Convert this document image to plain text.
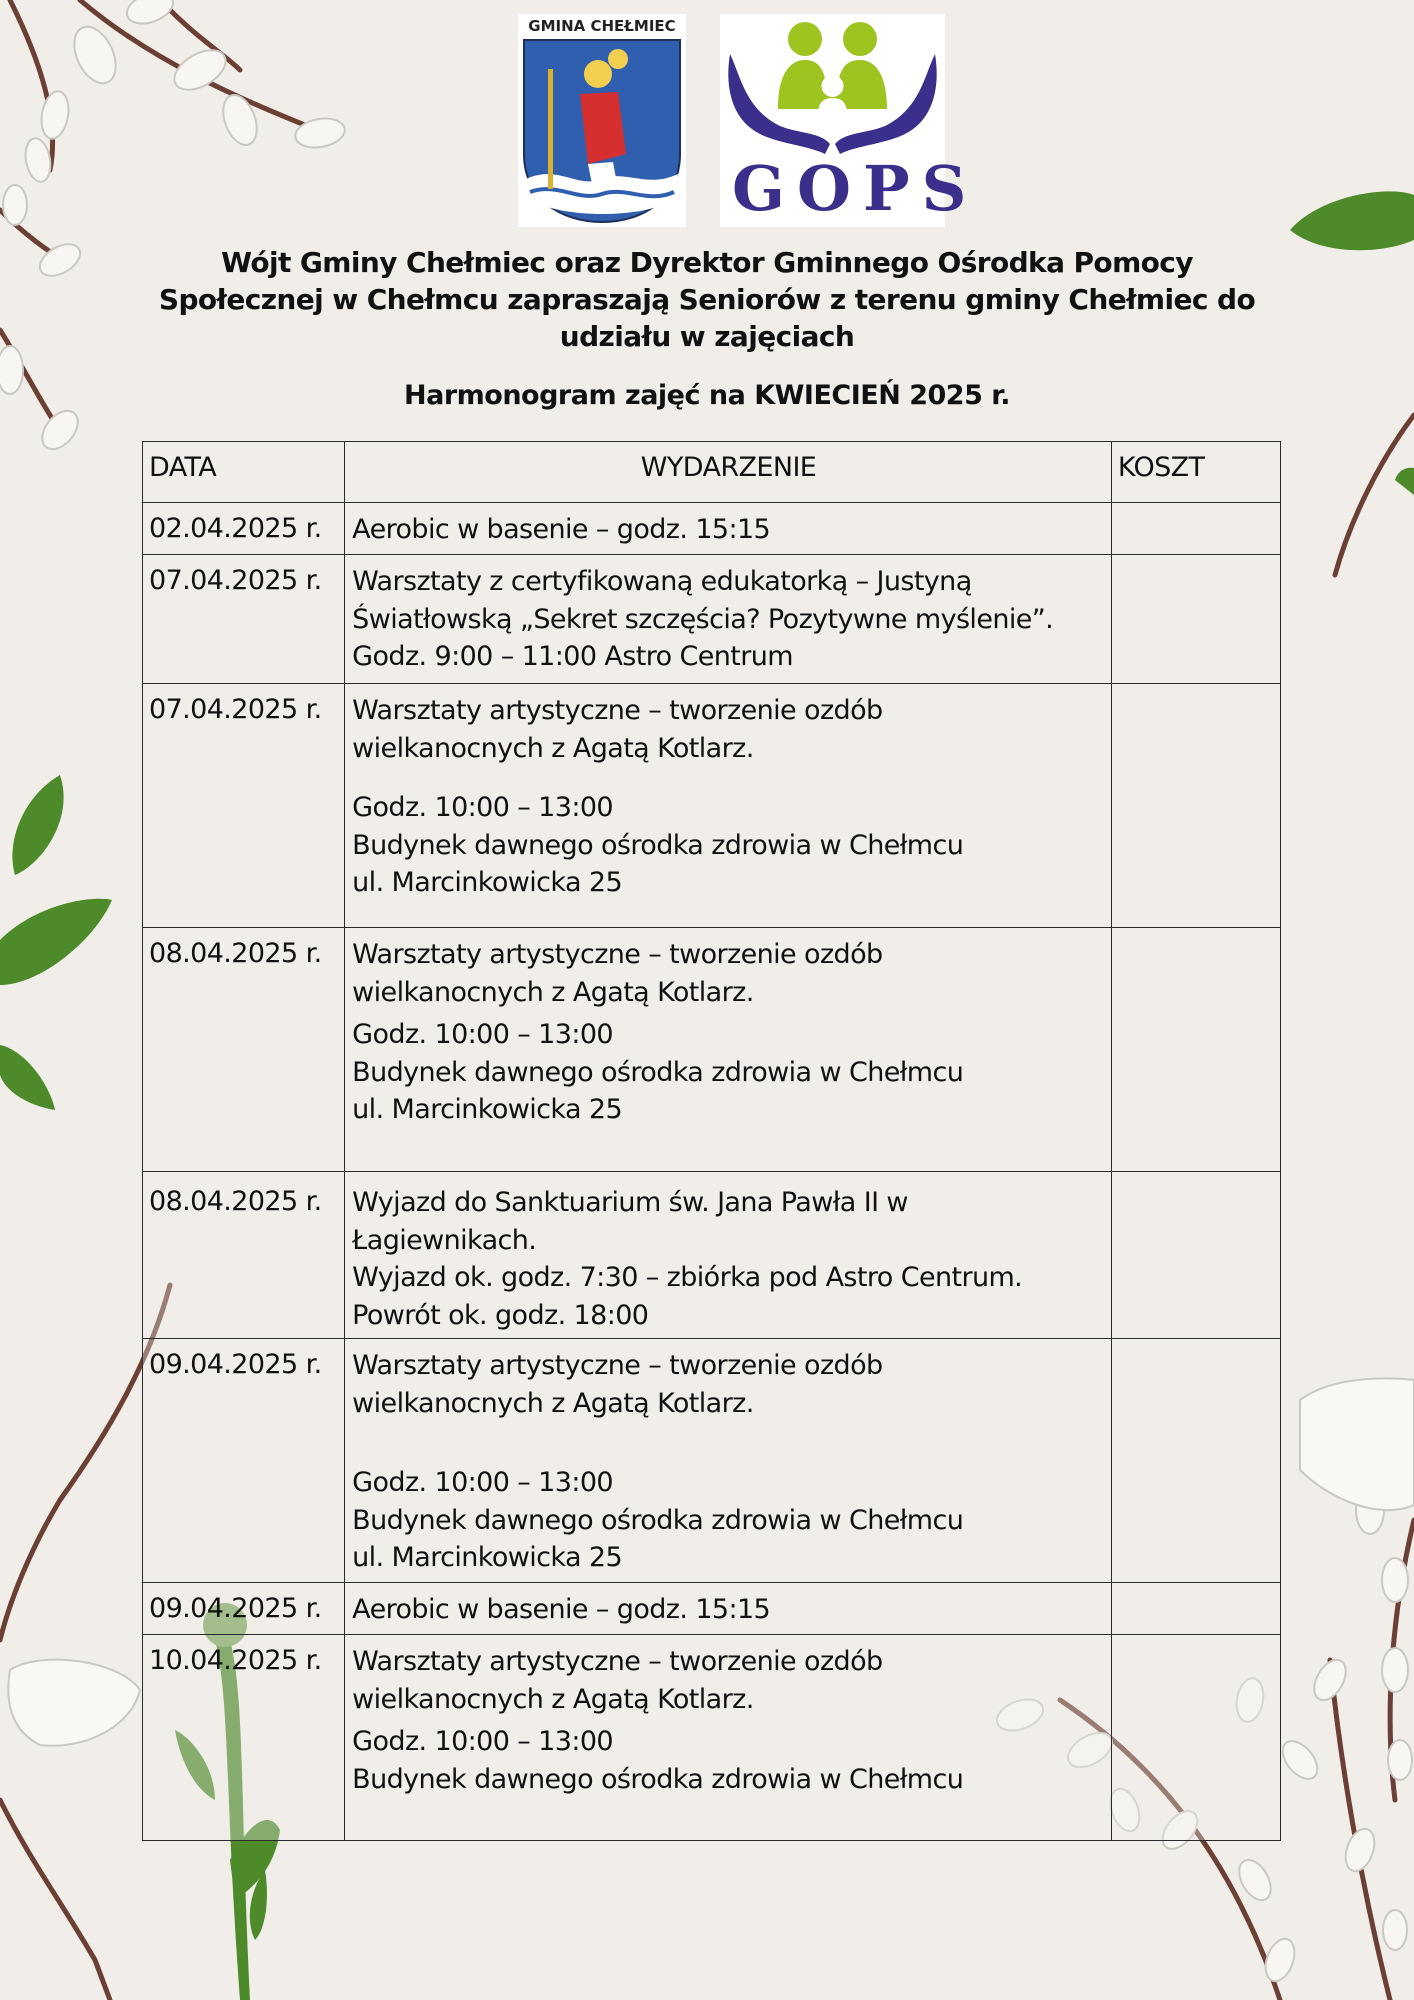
GMINA CHEŁMIEC
GOPS
Wójt Gminy Chełmiec oraz Dyrektor Gminnego Ośrodka Pomocy
Społecznej w Chełmcu zapraszają Seniorów z terenu gminy Chełmiec do
udziału w zajęciach
Harmonogram zajęć na KWIECIEŃ 2025 r.
DATA	WYDARZENIE	KOSZT
02.04.2025 r.	Aerobic w basenie – godz. 15:15	

07.04.2025 r.	Warsztaty z certyfikowaną edukatorką – Justyną
Światłowską „Sekret szczęścia? Pozytywne myślenie”.
Godz. 9:00 – 11:00 Astro Centrum	

07.04.2025 r.	Warsztaty artystyczne – tworzenie ozdób
wielkanocnych z Agatą Kotlarz.
Godz. 10:00 – 13:00
Budynek dawnego ośrodka zdrowia w Chełmcu
ul. Marcinkowicka 25	

08.04.2025 r.	Warsztaty artystyczne – tworzenie ozdób
wielkanocnych z Agatą Kotlarz.
Godz. 10:00 – 13:00
Budynek dawnego ośrodka zdrowia w Chełmcu
ul. Marcinkowicka 25	

08.04.2025 r.	Wyjazd do Sanktuarium św. Jana Pawła II w
Łagiewnikach.
Wyjazd ok. godz. 7:30 – zbiórka pod Astro Centrum.
Powrót ok. godz. 18:00	

09.04.2025 r.	Warsztaty artystyczne – tworzenie ozdób
wielkanocnych z Agatą Kotlarz.
Godz. 10:00 – 13:00
Budynek dawnego ośrodka zdrowia w Chełmcu
ul. Marcinkowicka 25	

09.04.2025 r.	Aerobic w basenie – godz. 15:15	

10.04.2025 r.	Warsztaty artystyczne – tworzenie ozdób
wielkanocnych z Agatą Kotlarz.
Godz. 10:00 – 13:00
Budynek dawnego ośrodka zdrowia w Chełmcu	
